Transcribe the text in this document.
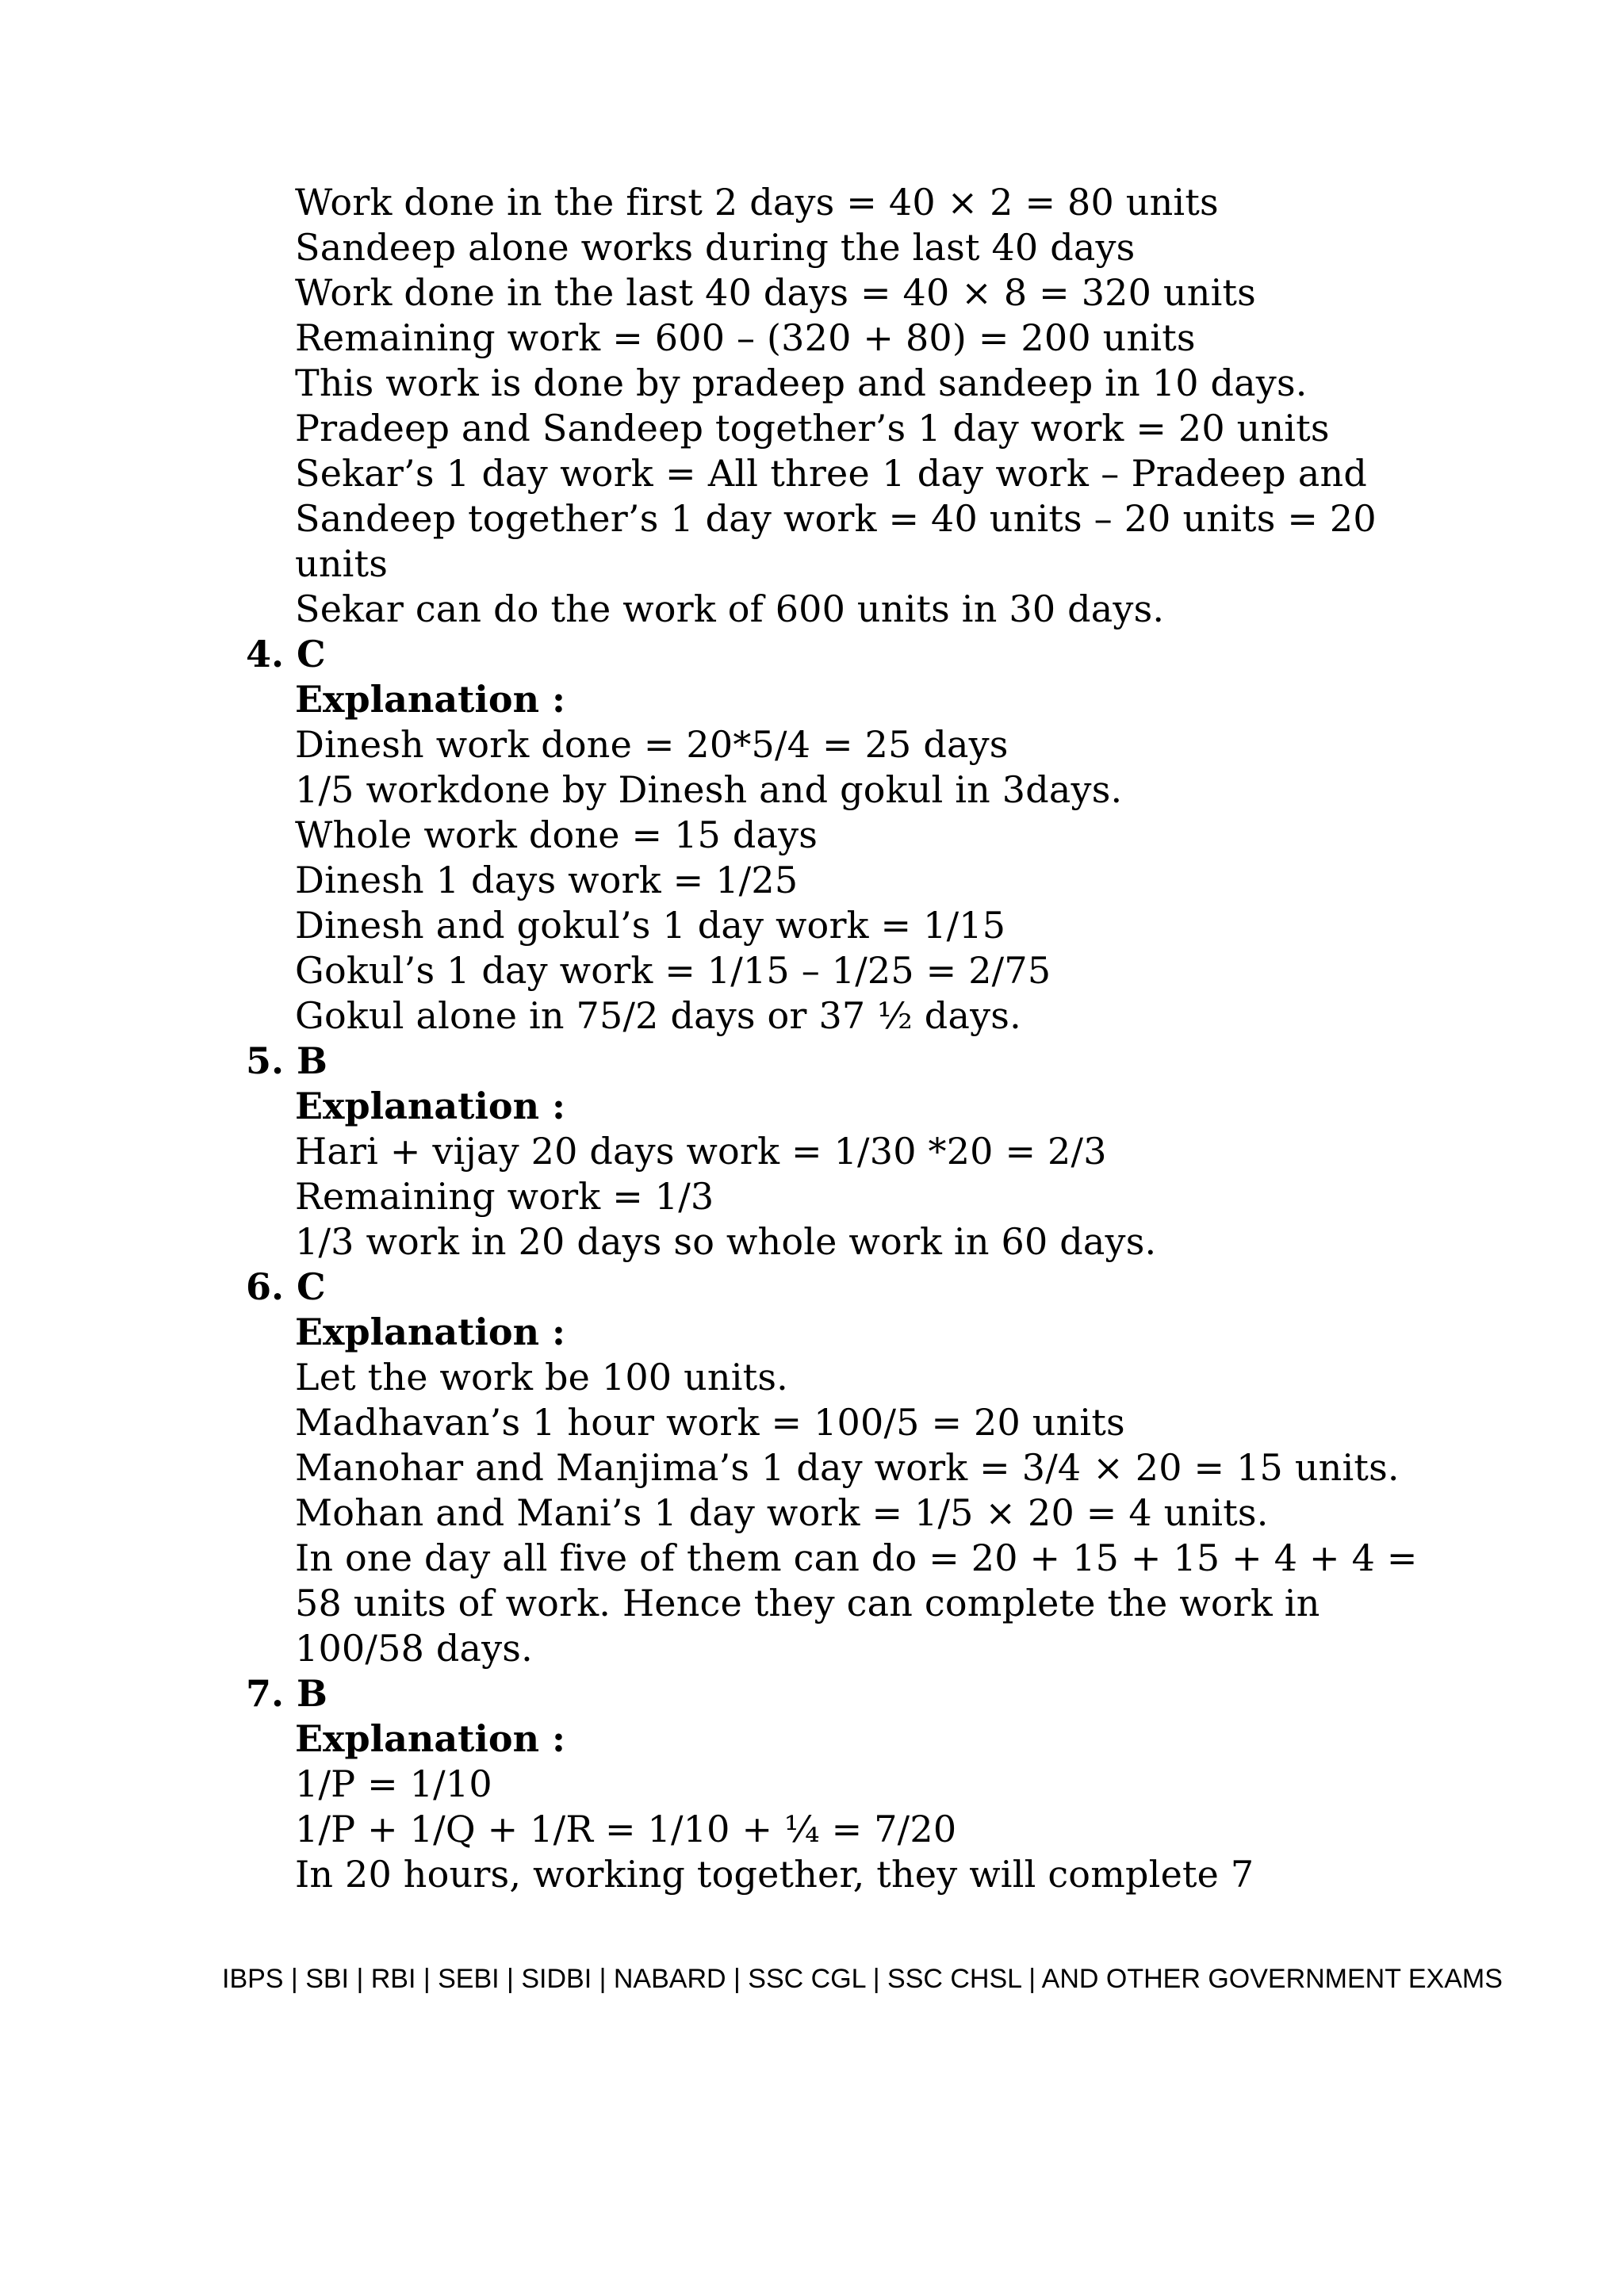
Work done in the first 2 days = 40 × 2 = 80 units
Sandeep alone works during the last 40 days
Work done in the last 40 days = 40 × 8 = 320 units
Remaining work = 600 – (320 + 80) = 200 units
This work is done by pradeep and sandeep in 10 days.
Pradeep and Sandeep together’s 1 day work = 20 units
Sekar’s 1 day work = All three 1 day work – Pradeep and
Sandeep together’s 1 day work = 40 units – 20 units = 20
units
Sekar can do the work of 600 units in 30 days.
4. C
Explanation :
Dinesh work done = 20*5/4 = 25 days
1/5 workdone by Dinesh and gokul in 3days.
Whole work done = 15 days
Dinesh 1 days work = 1/25
Dinesh and gokul’s 1 day work = 1/15
Gokul’s 1 day work = 1/15 – 1/25 = 2/75
Gokul alone in 75/2 days or 37 ½ days.
5. B
Explanation :
Hari + vijay 20 days work = 1/30 *20 = 2/3
Remaining work = 1/3
1/3 work in 20 days so whole work in 60 days.
6. C
Explanation :
Let the work be 100 units.
Madhavan’s 1 hour work = 100/5 = 20 units
Manohar and Manjima’s 1 day work = 3/4 × 20 = 15 units.
Mohan and Mani’s 1 day work = 1/5 × 20 = 4 units.
In one day all five of them can do = 20 + 15 + 15 + 4 + 4 =
58 units of work. Hence they can complete the work in
100/58 days.
7. B
Explanation :
1/P = 1/10
1/P + 1/Q + 1/R = 1/10 + ¼ = 7/20
In 20 hours, working together, they will complete 7
IBPS | SBI | RBI | SEBI | SIDBI | NABARD | SSC CGL | SSC CHSL | AND OTHER GOVERNMENT EXAMS
